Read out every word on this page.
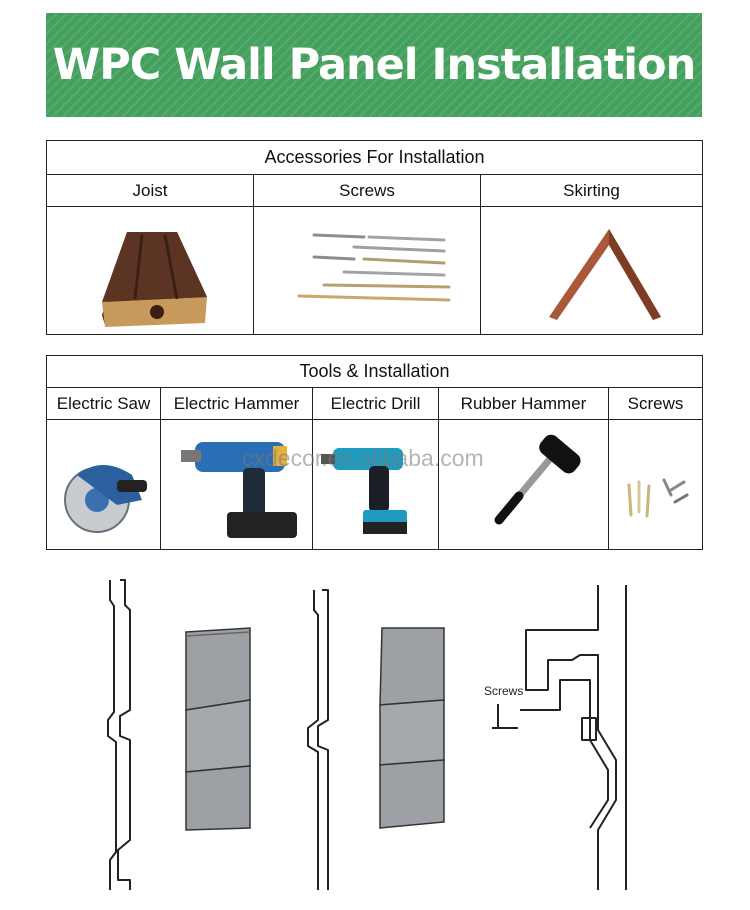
WPC Wall Panel Installation
Accessories For Installation		
Joist	Screws	Skirting

Tools & Installation				
Electric Saw	Electric Hammer	Electric Drill	Rubber Hammer	Screws

cxdecor.en.alibaba.com
Screws
